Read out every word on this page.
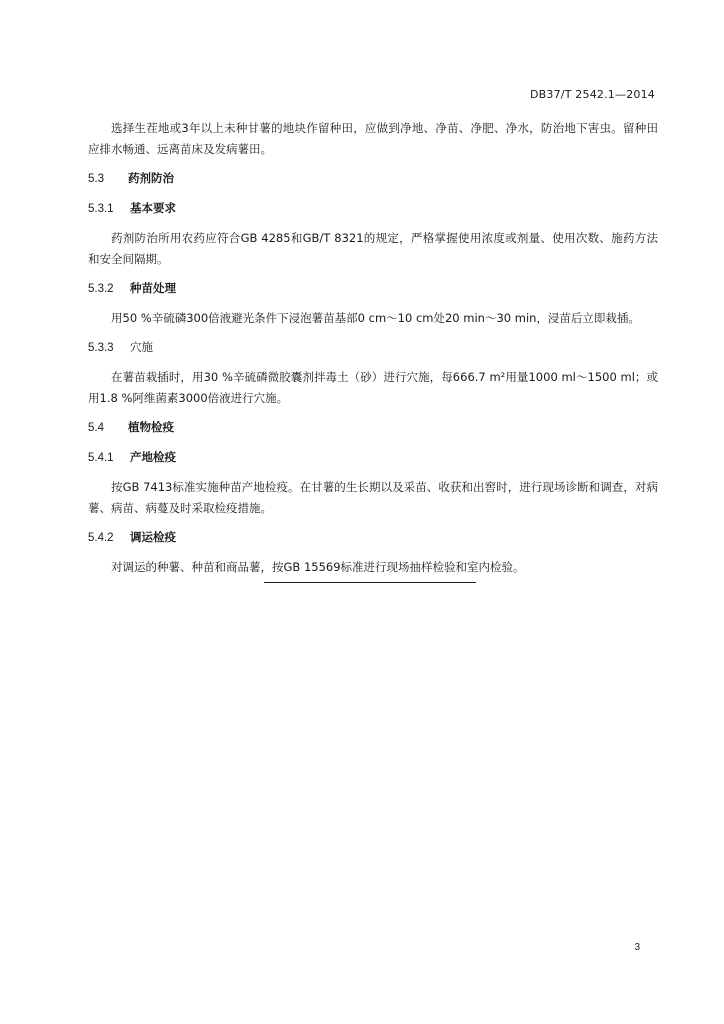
DB37/T 2542.1—2014

选择生茬地或3年以上未种甘薯的地块作留种田，应做到净地、净苗、净肥、净水，防治地下害虫。留种田应排水畅通、远离苗床及发病薯田。

5.3 药剂防治
5.3.1 基本要求

药剂防治所用农药应符合GB 4285和GB/T 8321的规定，严格掌握使用浓度或剂量、使用次数、施药方法和安全间隔期。

5.3.2 种苗处理

用50 %辛硫磷300倍液避光条件下浸泡薯苗基部0 cm～10 cm处20 min～30 min，浸苗后立即栽插。

5.3.3 穴施

在薯苗栽插时，用30 %辛硫磷微胶囊剂拌毒土（砂）进行穴施，每666.7 m²用量1000 ml～1500 ml；或用1.8 %阿维菌素3000倍液进行穴施。

5.4 植物检疫
5.4.1 产地检疫

按GB 7413标准实施种苗产地检疫。在甘薯的生长期以及采苗、收获和出窖时，进行现场诊断和调查，对病薯、病苗、病蔓及时采取检疫措施。

5.4.2 调运检疫

对调运的种薯、种苗和商品薯，按GB 15569标准进行现场抽样检验和室内检验。

3
